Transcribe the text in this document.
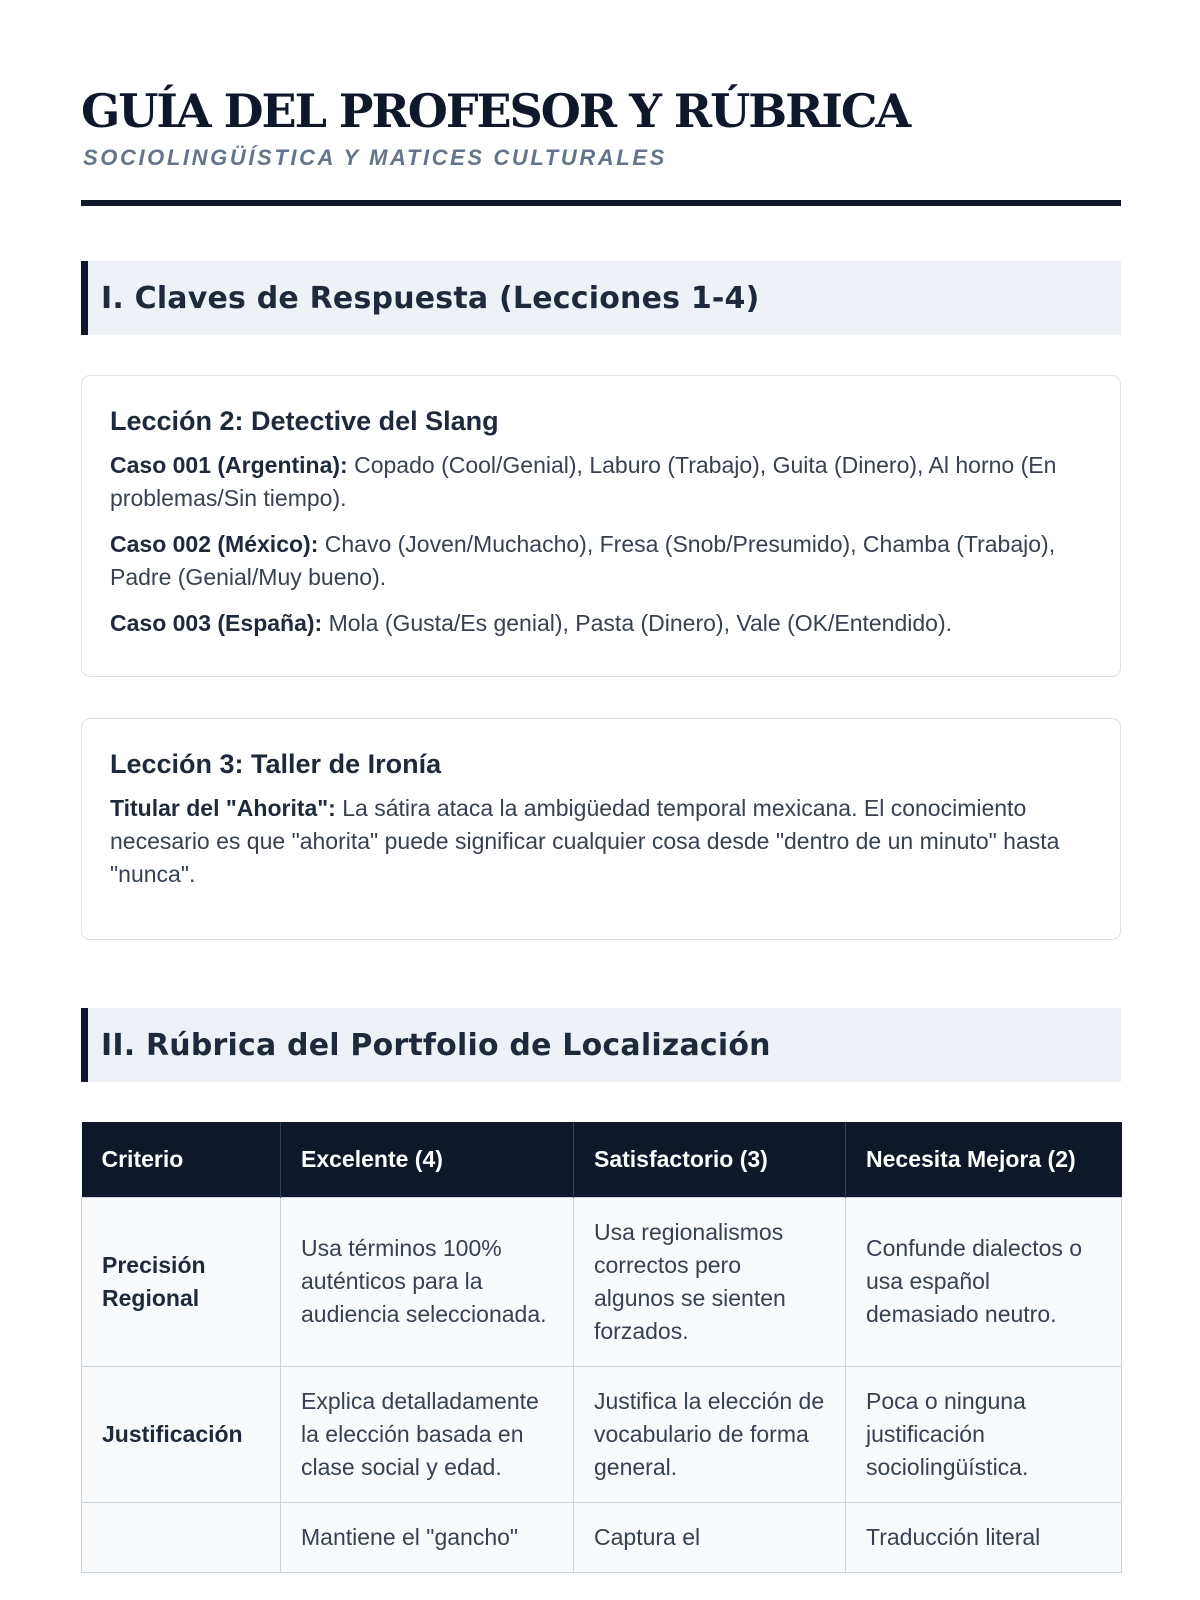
GUÍA DEL PROFESOR Y RÚBRICA
SOCIOLINGÜÍSTICA Y MATICES CULTURALES
I. Claves de Respuesta (Lecciones 1-4)
Lección 2: Detective del Slang

Caso 001 (Argentina): Copado (Cool/Genial), Laburo (Trabajo), Guita (Dinero), Al horno (En problemas/Sin tiempo).

Caso 002 (México): Chavo (Joven/Muchacho), Fresa (Snob/Presumido), Chamba (Trabajo), Padre (Genial/Muy bueno).

Caso 003 (España): Mola (Gusta/Es genial), Pasta (Dinero), Vale (OK/Entendido).

Lección 3: Taller de Ironía

Titular del "Ahorita": La sátira ataca la ambigüedad temporal mexicana. El conocimiento necesario es que "ahorita" puede significar cualquier cosa desde "dentro de un minuto" hasta "nunca".

II. Rúbrica del Portfolio de Localización
Criterio	Excelente (4)	Satisfactorio (3)	Necesita Mejora (2)
Precisión Regional	Usa términos 100% auténticos para la audiencia seleccionada.	Usa regionalismos correctos pero algunos se sienten forzados.	Confunde dialectos o usa español demasiado neutro.
Justificación	Explica detalladamente la elección basada en clase social y edad.	Justifica la elección de vocabulario de forma general.	Poca o ninguna justificación sociolingüística.
	Mantiene el "gancho"	Captura el	Traducción literal
